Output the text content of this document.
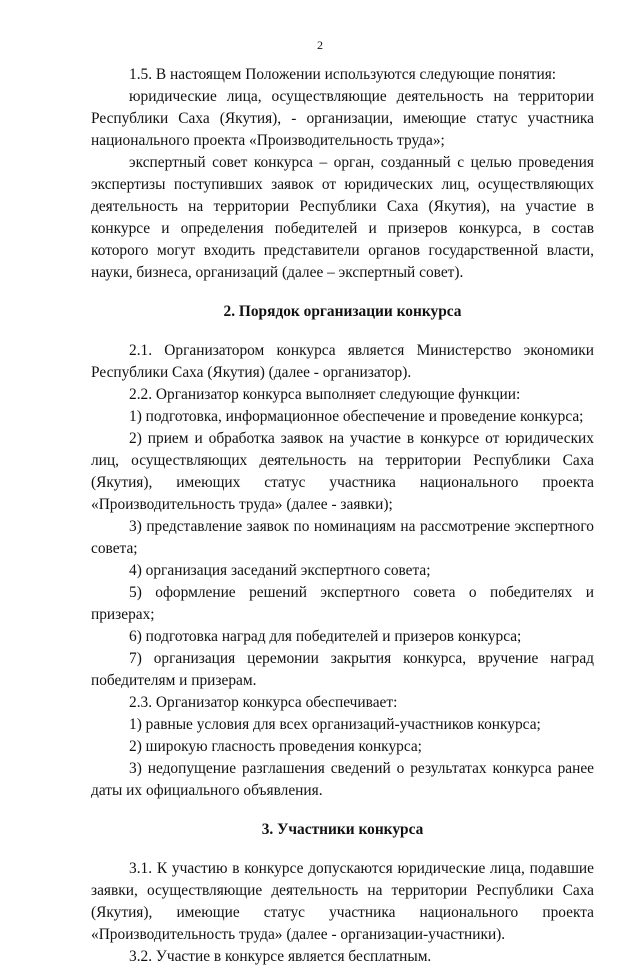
2

1.5. В настоящем Положении используются следующие понятия:

юридические лица, осуществляющие деятельность на территории Республики Саха (Якутия), - организации, имеющие статус участника национального проекта «Производительность труда»;

экспертный совет конкурса – орган, созданный с целью проведения экспертизы поступивших заявок от юридических лиц, осуществляющих деятельность на территории Республики Саха (Якутия), на участие в конкурсе и определения победителей и призеров конкурса, в состав которого могут входить представители органов государственной власти, науки, бизнеса, организаций (далее – экспертный совет).

2. Порядок организации конкурса

2.1. Организатором конкурса является Министерство экономики Республики Саха (Якутия) (далее - организатор).

2.2. Организатор конкурса выполняет следующие функции:

1) подготовка, информационное обеспечение и проведение конкурса;

2) прием и обработка заявок на участие в конкурсе от юридических лиц, осуществляющих деятельность на территории Республики Саха (Якутия), имеющих статус участника национального проекта «Производительность труда» (далее - заявки);

3) представление заявок по номинациям на рассмотрение экспертного совета;

4) организация заседаний экспертного совета;

5) оформление решений экспертного совета о победителях и призерах;

6) подготовка наград для победителей и призеров конкурса;

7) организация церемонии закрытия конкурса, вручение наград победителям и призерам.

2.3. Организатор конкурса обеспечивает:

1) равные условия для всех организаций-участников конкурса;

2) широкую гласность проведения конкурса;

3) недопущение разглашения сведений о результатах конкурса ранее даты их официального объявления.

3. Участники конкурса

3.1. К участию в конкурсе допускаются юридические лица, подавшие заявки, осуществляющие деятельность на территории Республики Саха (Якутия), имеющие статус участника национального проекта «Производительность труда» (далее - организации-участники).

3.2. Участие в конкурсе является бесплатным.
